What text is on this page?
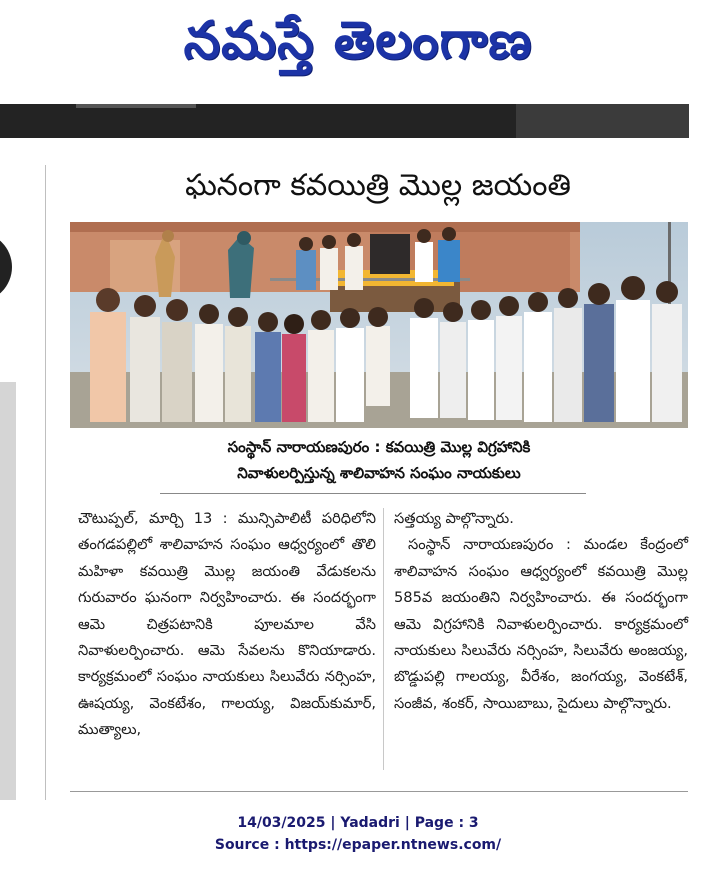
నమస్తే తెలంగాణ
ఘనంగా కవయిత్రి మొల్ల జయంతి
సంస్థాన్ నారాయణపురం : కవయిత్రి మొల్ల విగ్రహానికి
నివాళులర్పిస్తున్న శాలివాహన సంఘం నాయకులు
చౌటుప్పల్, మార్చి 13 : మున్సిపాలిటీ పరిధిలోని తంగడపల్లిలో శాలివాహన సంఘం ఆధ్వర్యంలో తొలి మహిళా కవయిత్రి మొల్ల జయంతి వేడుకలను గురువారం ఘనంగా నిర్వహించారు. ఈ సందర్భంగా ఆమె చిత్రపటానికి పూలమాల వేసి నివాళులర్పించారు. ఆమె సేవలను కొనియాడారు. కార్యక్రమంలో సంఘం నాయకులు సిలువేరు నర్సింహ, ఊషయ్య, వెంకటేశం, గాలయ్య, విజయ్‌కుమార్, ముత్యాలు,
సత్తయ్య పాల్గొన్నారు.
సంస్థాన్ నారాయణపురం : మండల కేంద్రంలో శాలివాహన సంఘం ఆధ్వర్యంలో కవయిత్రి మొల్ల 585వ జయంతిని నిర్వహించారు. ఈ సందర్భంగా ఆమె విగ్రహానికి నివాళులర్పించారు. కార్యక్రమంలో నాయకులు సిలువేరు నర్సింహ, సిలువేరు అంజయ్య, బొడ్డుపల్లి గాలయ్య, వీరేశం, జంగయ్య, వెంకటేశ్, సంజీవ, శంకర్, సాయిబాబు, సైదులు పాల్గొన్నారు.
14/03/2025 | Yadadri | Page : 3
Source : https://epaper.ntnews.com/
